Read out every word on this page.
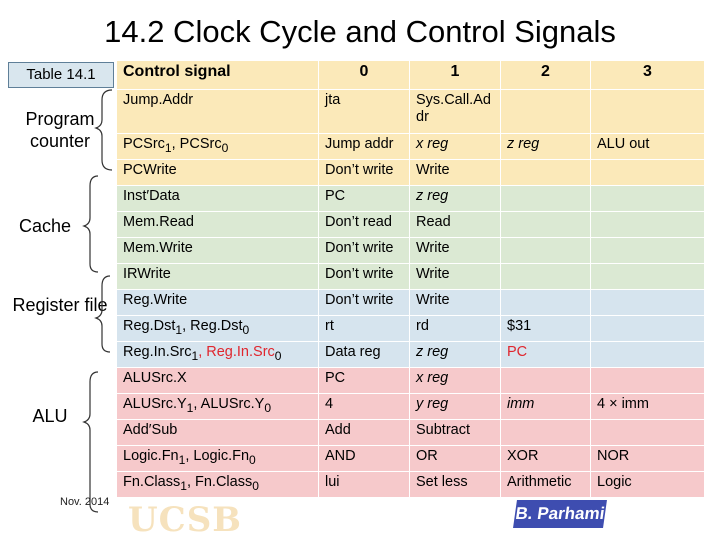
14.2 Clock Cycle and Control Signals
Table 14.1
Program counter
Cache
Register file
ALU
Control signal	0	1	2	3
Jump.Addr	jta	Sys.Call.Ad dr		
PCSrc$_1$, PCSrc$_0$	Jump addr	x reg	z reg	ALU out
PCWrite	Don’t write	Write		
Inst′Data	PC	z reg		
Mem.Read	Don’t read	Read		
Mem.Write	Don’t write	Write		
IRWrite	Don’t write	Write		
Reg.Write	Don’t write	Write		
Reg.Dst$_1$, Reg.Dst$_0$	rt	rd	$31	
Reg.In.Src$_1$, Reg.In.Src$_0$	Data reg	z reg	PC	
ALUSrc.X	PC	x reg		
$ALUSrc.Y_1$, $ALUSrc.Y_0$	4	y reg	imm	4 × imm
Add′Sub	Add	Subtract		
$Logic.Fn_1$, $Logic.Fn_0$	AND	OR	XOR	NOR
Fn.Class$_1$, Fn.Class$_0$	lui	Set less	Arithmetic	Logic
UCSB	B. Parhami
Nov. 2014
